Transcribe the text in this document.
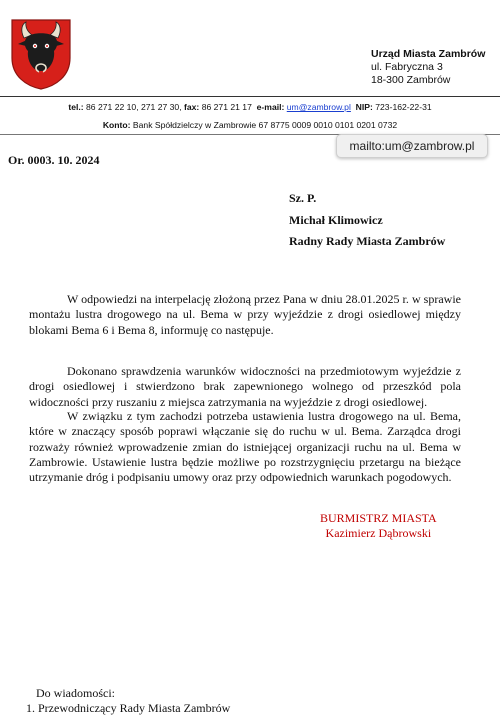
Urząd Miasta Zambrów
ul. Fabryczna 3
18-300 Zambrów
tel.: 86 271 22 10, 271 27 30, fax: 86 271 21 17 e-mail: um@zambrow.pl NIP: 723-162-22-31
Konto: Bank Spółdzielczy w Zambrowie 67 8775 0009 0010 0101 0201 0732
mailto:um@zambrow.pl
Or. 0003. 10. 2024
Sz. P.
Michał Klimowicz
Radny Rady Miasta Zambrów

W odpowiedzi na interpelację złożoną przez Pana w dniu 28.01.2025 r. w sprawie montażu lustra drogowego na ul. Bema w przy wyjeździe z drogi osiedlowej między blokami Bema 6 i Bema 8, informuję co następuje.

Dokonano sprawdzenia warunków widoczności na przedmiotowym wyjeździe z drogi osiedlowej i stwierdzono brak zapewnionego wolnego od przeszkód pola widoczności przy ruszaniu z miejsca zatrzymania na wyjeździe z drogi osiedlowej.

W związku z tym zachodzi potrzeba ustawienia lustra drogowego na ul. Bema, które w znaczący sposób poprawi włączanie się do ruchu w ul. Bema. Zarządca drogi rozważy również wprowadzenie zmian do istniejącej organizacji ruchu na ul. Bema w Zambrowie. Ustawienie lustra będzie możliwe po rozstrzygnięciu przetargu na bieżące utrzymanie dróg i podpisaniu umowy oraz przy odpowiednich warunkach pogodowych.

BURMISTRZ MIASTA
Kazimierz Dąbrowski
Do wiadomości:
1. Przewodniczący Rady Miasta Zambrów
